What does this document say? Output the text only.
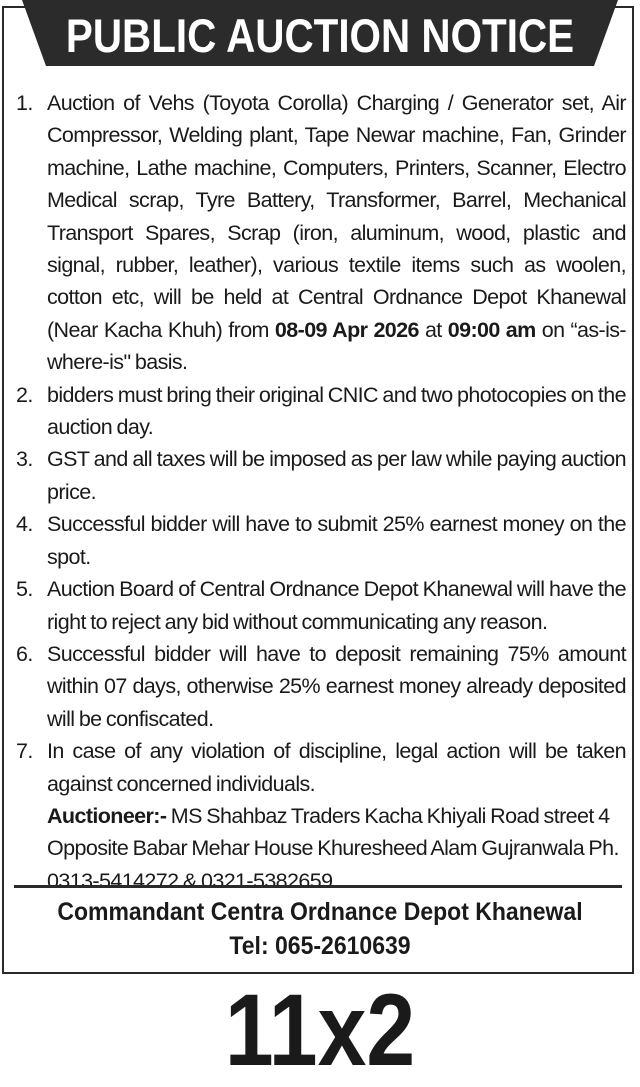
PUBLIC AUCTION NOTICE
1. Auction of Vehs (Toyota Corolla) Charging / Generator set, Air Compressor, Welding plant, Tape Newar machine, Fan, Grinder machine, Lathe machine, Computers, Printers, Scanner, Electro Medical scrap, Tyre Battery, Transformer, Barrel, Mechanical Transport Spares, Scrap (iron, aluminum, wood, plastic and signal, rubber, leather), various textile items such as woolen, cotton etc, will be held at Central Ordnance Depot Khanewal (Near Kacha Khuh) from 08-09 Apr 2026 at 09:00 am on “as-is-where-is" basis.
2. bidders must bring their original CNIC and two photocopies on the auction day.
3. GST and all taxes will be imposed as per law while paying auction price.
4. Successful bidder will have to submit 25% earnest money on the spot.
5. Auction Board of Central Ordnance Depot Khanewal will have the right to reject any bid without communicating any reason.
6. Successful bidder will have to deposit remaining 75% amount within 07 days, otherwise 25% earnest money already deposited will be confiscated.
7. In case of any violation of discipline, legal action will be taken against concerned individuals.
Auctioneer:- MS Shahbaz Traders Kacha Khiyali Road street 4 Opposite Babar Mehar House Khuresheed Alam Gujranwala Ph. 0313-5414272 & 0321-5382659
Commandant Centra Ordnance Depot Khanewal
Tel: 065-2610639
11x2
